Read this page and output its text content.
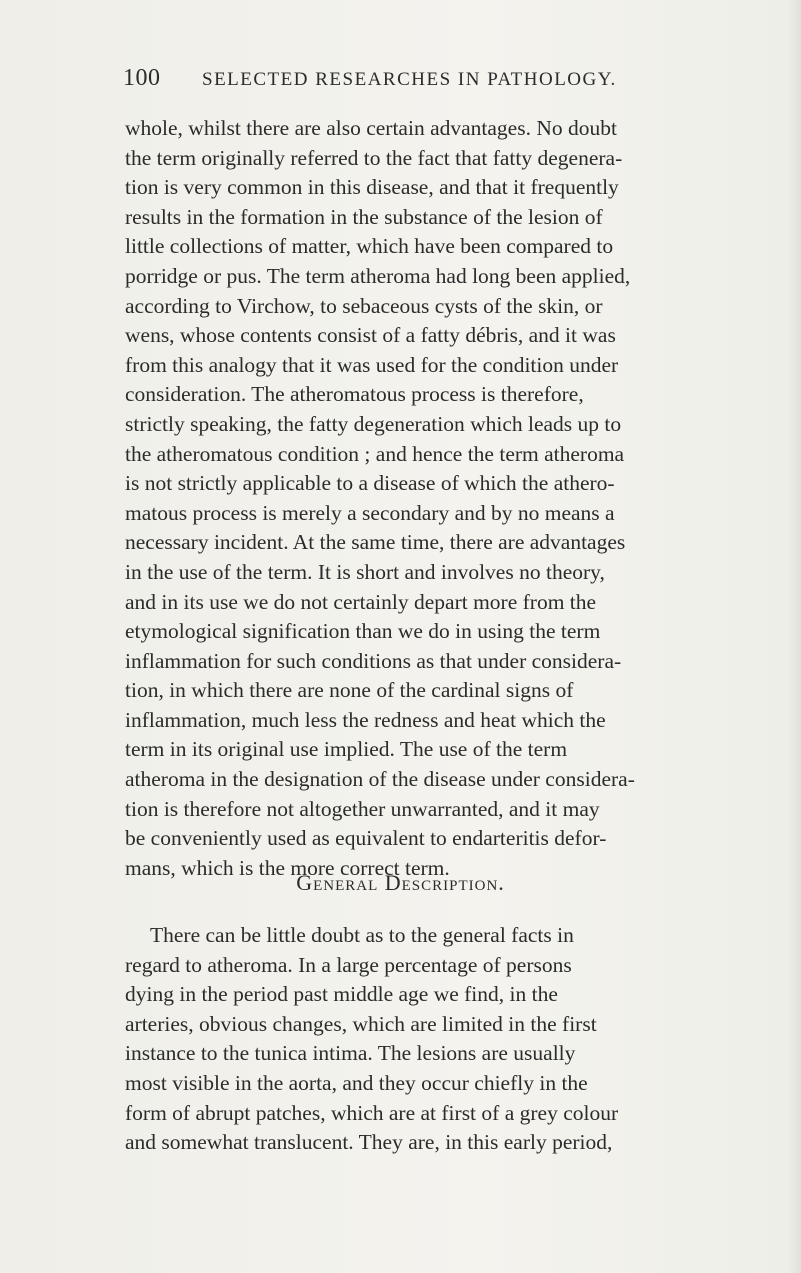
100 SELECTED RESEARCHES IN PATHOLOGY.
whole, whilst there are also certain advantages. No doubt
the term originally referred to the fact that fatty degenera-
tion is very common in this disease, and that it frequently
results in the formation in the substance of the lesion of
little collections of matter, which have been compared to
porridge or pus. The term atheroma had long been applied,
according to Virchow, to sebaceous cysts of the skin, or
wens, whose contents consist of a fatty débris, and it was
from this analogy that it was used for the condition under
consideration. The atheromatous process is therefore,
strictly speaking, the fatty degeneration which leads up to
the atheromatous condition ; and hence the term atheroma
is not strictly applicable to a disease of which the athero-
matous process is merely a secondary and by no means a
necessary incident. At the same time, there are advantages
in the use of the term. It is short and involves no theory,
and in its use we do not certainly depart more from the
etymological signification than we do in using the term
inflammation for such conditions as that under considera-
tion, in which there are none of the cardinal signs of
inflammation, much less the redness and heat which the
term in its original use implied. The use of the term
atheroma in the designation of the disease under considera-
tion is therefore not altogether unwarranted, and it may
be conveniently used as equivalent to endarteritis defor-
mans, which is the more correct term.
General Description.
There can be little doubt as to the general facts in
regard to atheroma. In a large percentage of persons
dying in the period past middle age we find, in the
arteries, obvious changes, which are limited in the first
instance to the tunica intima. The lesions are usually
most visible in the aorta, and they occur chiefly in the
form of abrupt patches, which are at first of a grey colour
and somewhat translucent. They are, in this early period,
